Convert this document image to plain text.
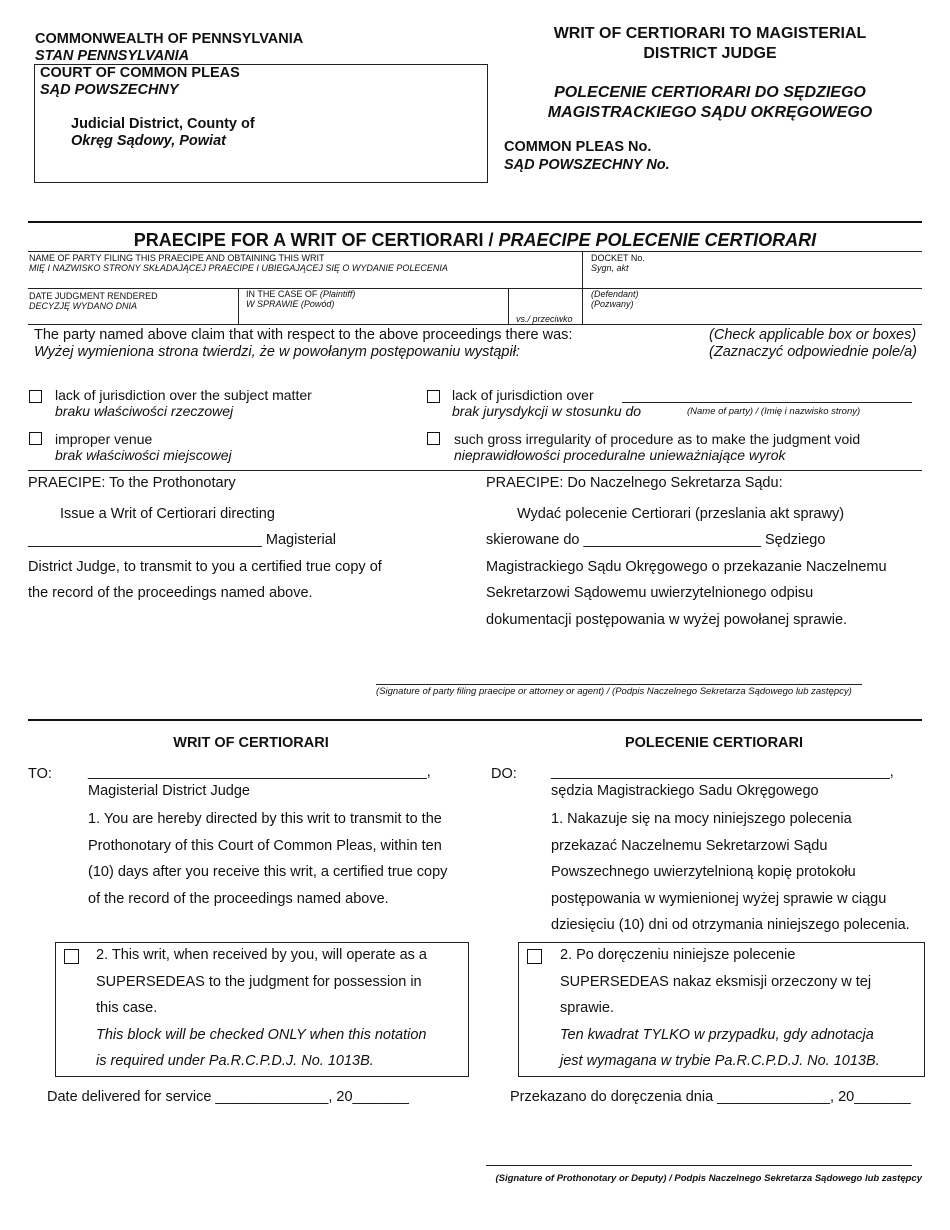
COMMONWEALTH OF PENNSYLVANIA
STAN PENNSYLVANIA
COURT OF COMMON PLEAS
SĄD POWSZECHNY
Judicial District, County of
Okręg Sądowy, Powiat
WRIT OF CERTIORARI TO MAGISTERIAL
DISTRICT JUDGE
POLECENIE CERTIORARI DO SĘDZIEGO
MAGISTRACKIEGO SĄDU OKRĘGOWEGO
COMMON PLEAS No.
SĄD POWSZECHNY No.
PRAECIPE FOR A WRIT OF CERTIORARI / PRAECIPE POLECENIE CERTIORARI
NAME OF PARTY FILING THIS PRAECIPE AND OBTAINING THIS WRIT
MIĘ I NAZWISKO STRONY SKŁADAJĄCEJ PRAECIPE I UBIEGAJĄCEJ SIĘ O WYDANIE POLECENIA
DOCKET No.
Sygn, akt
DATE JUDGMENT RENDERED
DECYZJĘ WYDANO DNIA
IN THE CASE OF (Plaintiff)
W SPRAWIE (Powód)
vs./ przeciwko
(Defendant)
(Pozwany)
The party named above claim that with respect to the above proceedings there was:
Wyżej wymieniona strona twierdzi, że w powołanym postępowaniu wystąpił:
(Check applicable box or boxes)
(Zaznaczyć odpowiednie pole/a)
lack of jurisdiction over the subject matter
braku właściwości rzeczowej
lack of jurisdiction over
brak jurysdykcji w stosunku do	(Name of party) / (Imię i nazwisko strony)
improper venue
brak właściwości miejscowej
such gross irregularity of procedure as to make the judgment void
nieprawidłowości proceduralne unieważniające wyrok
PRAECIPE: To the Prothonotary
Issue a Writ of Certiorari directing
_____________________________ Magisterial
District Judge, to transmit to you a certified true copy of
the record of the proceedings named above.
PRAECIPE: Do Naczelnego Sekretarza Sądu:
Wydać polecenie Certiorari (przeslania akt sprawy)
skierowane do ______________________ Sędziego
Magistrackiego Sądu Okręgowego o przekazanie Naczelnemu
Sekretarzowi Sądowemu uwierzytelnionego odpisu
dokumentacji postępowania w wyżej powołanej sprawie.
(Signature of party filing praecipe or attorney or agent) / (Podpis Naczelnego Sekretarza Sądowego lub zastępcy)
WRIT OF CERTIORARI	POLECENIE CERTIORARI
TO: __________________________________________,
Magisterial District Judge
DO: __________________________________________,
sędzia Magistrackiego Sadu Okręgowego
1. You are hereby directed by this writ to transmit to the
Prothonotary of this Court of Common Pleas, within ten
(10) days after you receive this writ, a certified true copy
of the record of the proceedings named above.
1. Nakazuje się na mocy niniejszego polecenia
przekazać Naczelnemu Sekretarzowi Sądu
Powszechnego uwierzytelnioną kopię protokołu
postępowania w wymienionej wyżej sprawie w ciągu
dziesięciu (10) dni od otrzymania niniejszego polecenia.
2. This writ, when received by you, will operate as a
SUPERSEDEAS to the judgment for possession in
this case.
This block will be checked ONLY when this notation
is required under Pa.R.C.P.D.J. No. 1013B.
2. Po doręczeniu niniejsze polecenie
SUPERSEDEAS nakaz eksmisji orzeczony w tej
sprawie.
Ten kwadrat TYLKO w przypadku, gdy adnotacja
jest wymagana w trybie Pa.R.C.P.D.J. No. 1013B.
Date delivered for service ______________, 20_______	Przekazano do doręczenia dnia ______________, 20_______
(Signature of Prothonotary or Deputy) / Podpis Naczelnego Sekretarza Sądowego lub zastępcy
